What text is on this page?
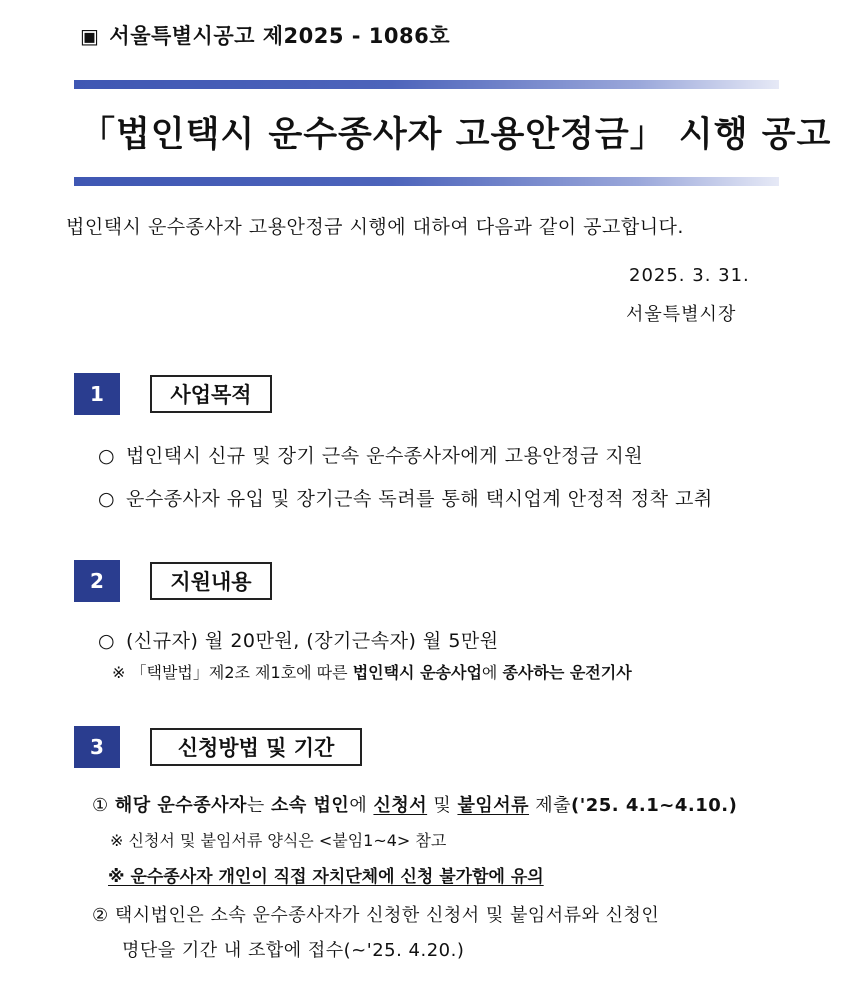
▣ 서울특별시공고 제2025 - 1086호
「법인택시 운수종사자 고용안정금」 시행 공고
법인택시 운수종사자 고용안정금 시행에 대하여 다음과 같이 공고합니다.
2025. 3. 31.
서울특별시장
1	사업목적
○ 법인택시 신규 및 장기 근속 운수종사자에게 고용안정금 지원
○ 운수종사자 유입 및 장기근속 독려를 통해 택시업계 안정적 정착 고취
2	지원내용
○ (신규자) 월 20만원, (장기근속자) 월 5만원
※ 「택발법」제2조 제1호에 따른 법인택시 운송사업에 종사하는 운전기사
3	신청방법 및 기간
① 해당 운수종사자는 소속 법인에 신청서 및 붙임서류 제출('25. 4.1~4.10.)
※ 신청서 및 붙임서류 양식은 <붙임1~4> 참고
※ 운수종사자 개인이 직접 자치단체에 신청 불가함에 유의
② 택시법인은 소속 운수종사자가 신청한 신청서 및 붙임서류와 신청인
명단을 기간 내 조합에 접수(~'25. 4.20.)
